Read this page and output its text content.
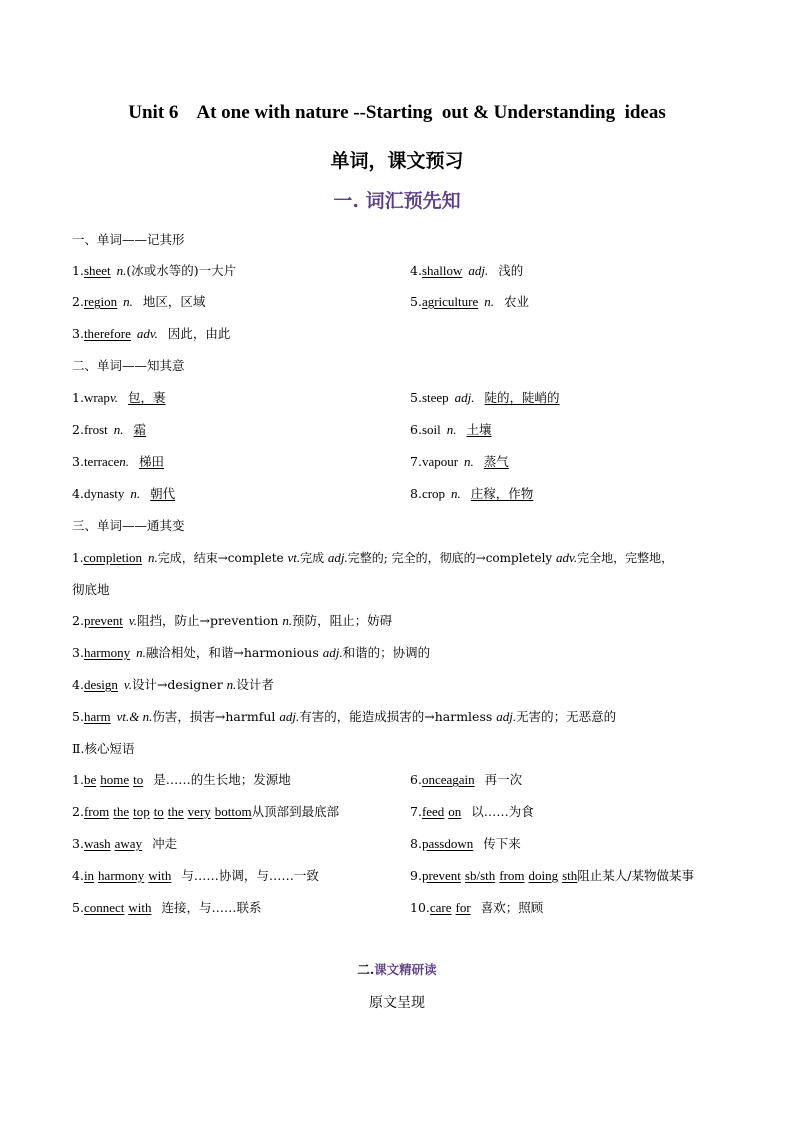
Unit 6    At one with nature --Starting  out & Understanding  ideas
单词，课文预习
一. 词汇预先知
一、单词——记其形
1.sheet n.(冰或水等的)一大片	4.shallow adj. 浅的
2.region n. 地区，区域	5.agriculture n. 农业
3.therefore adv. 因此，由此
二、单词——知其意
1.wrapv. 包，裹	5.steep adj. 陡的，陡峭的
2.frost n. 霜	6.soil n. 土壤
3.terracen. 梯田	7.vapour n. 蒸气
4.dynasty n. 朝代	8.crop n. 庄稼，作物
三、单词——通其变
1.completion n.完成，结束→complete vt.完成 adj.完整的; 完全的，彻底的→completely adv.完全地，完整地，
彻底地
2.prevent v.阻挡，防止→prevention n.预防，阻止；妨碍
3.harmony n.融洽相处，和谐→harmonious adj.和谐的；协调的
4.design v.设计→designer n.设计者
5.harm vt.& n.伤害，损害→harmful adj.有害的，能造成损害的→harmless adj.无害的；无恶意的
Ⅱ.核心短语
1.be home to 是……的生长地；发源地	6.onceagain 再一次
2.from the top to the very bottom从顶部到最底部	7.feed on 以……为食
3.wash away 冲走	8.passdown 传下来
4.in harmony with 与……协调，与……一致	9.prevent sb/sth from doing sth阻止某人/某物做某事
5.connect with 连接，与……联系	10.care for 喜欢；照顾
二.课文精研读
原文呈现
